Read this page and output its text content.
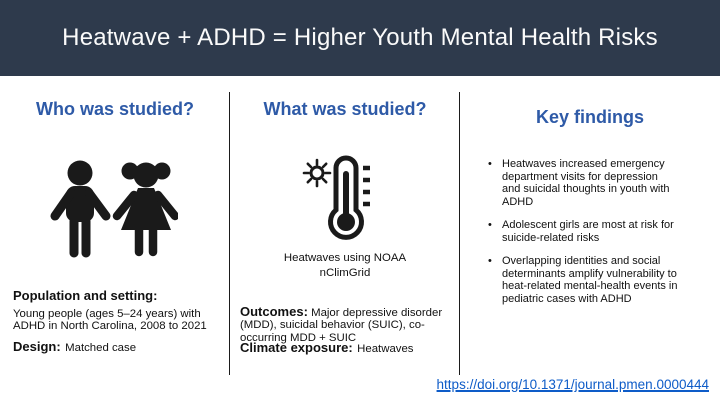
Heatwave + ADHD = Higher Youth Mental Health Risks
Who was studied?
Population and setting:

Young people (ages 5–24 years) with ADHD in North Carolina, 2008 to 2021

Design: Matched case

What was studied?
Heatwaves using NOAA
nClimGrid

Outcomes: Major depressive disorder (MDD), suicidal behavior (SUIC), co-occurring MDD + SUIC

Climate exposure: Heatwaves

Key findings
• Heatwaves increased emergency department visits for depression and suicidal thoughts in youth with ADHD
• Adolescent girls are most at risk for suicide-related risks
• Overlapping identities and social determinants amplify vulnerability to heat-related mental-health events in pediatric cases with ADHD
https://doi.org/10.1371/journal.pmen.0000444
